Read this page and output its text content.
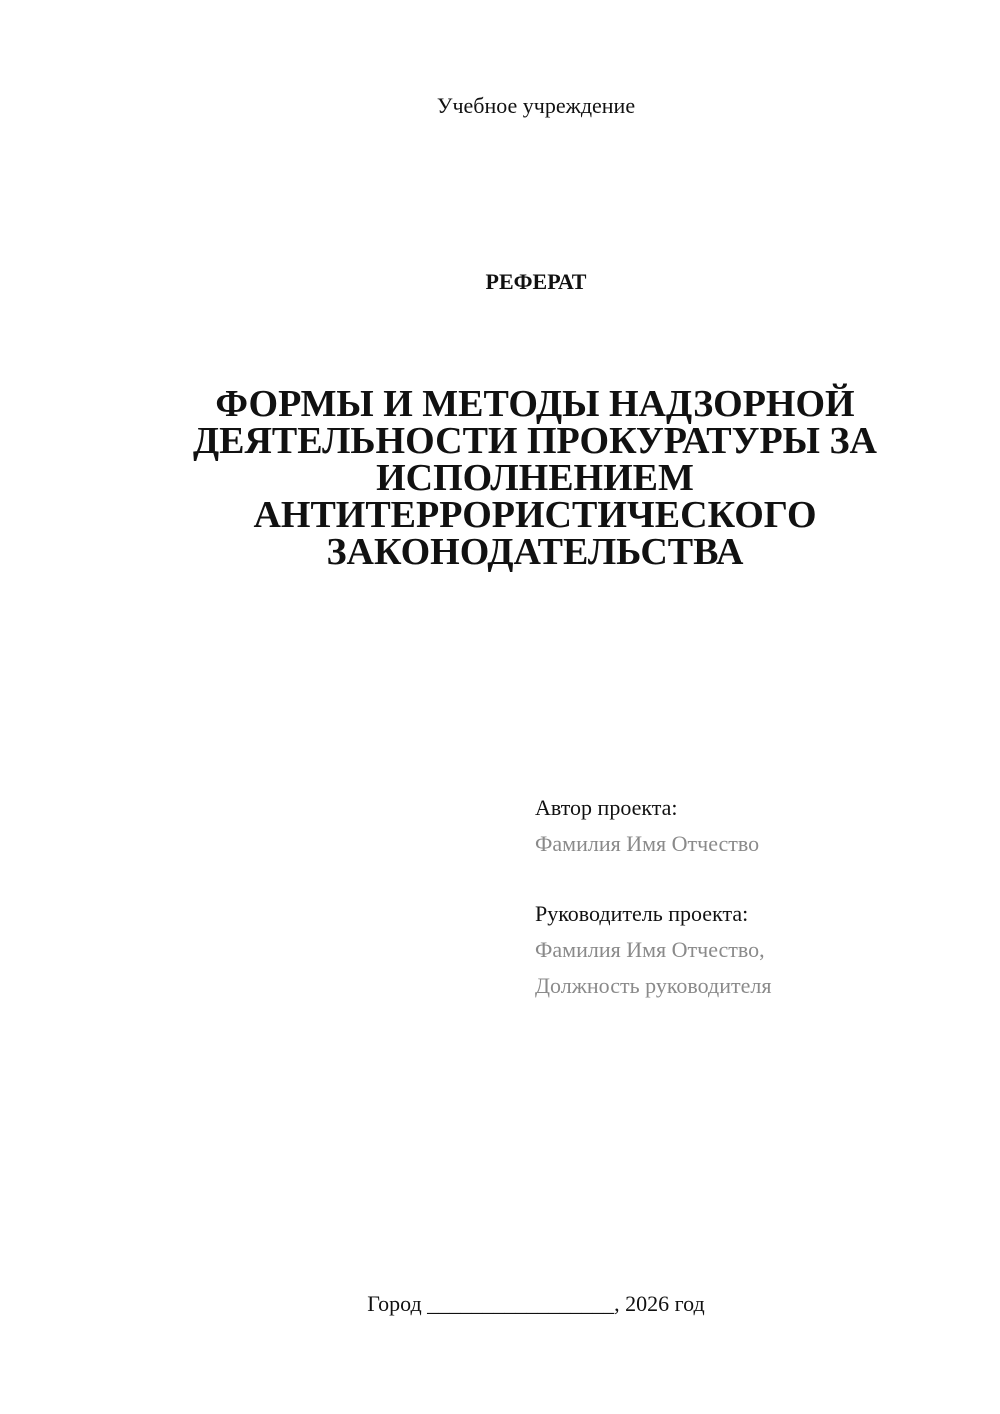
Учебное учреждение
РЕФЕРАТ
ФОРМЫ И МЕТОДЫ НАДЗОРНОЙ
ДЕЯТЕЛЬНОСТИ ПРОКУРАТУРЫ ЗА
ИСПОЛНЕНИЕМ
АНТИТЕРРОРИСТИЧЕСКОГО
ЗАКОНОДАТЕЛЬСТВА
Автор проекта:
Фамилия Имя Отчество
Руководитель проекта:
Фамилия Имя Отчество,
Должность руководителя
Город _________________, 2026 год
